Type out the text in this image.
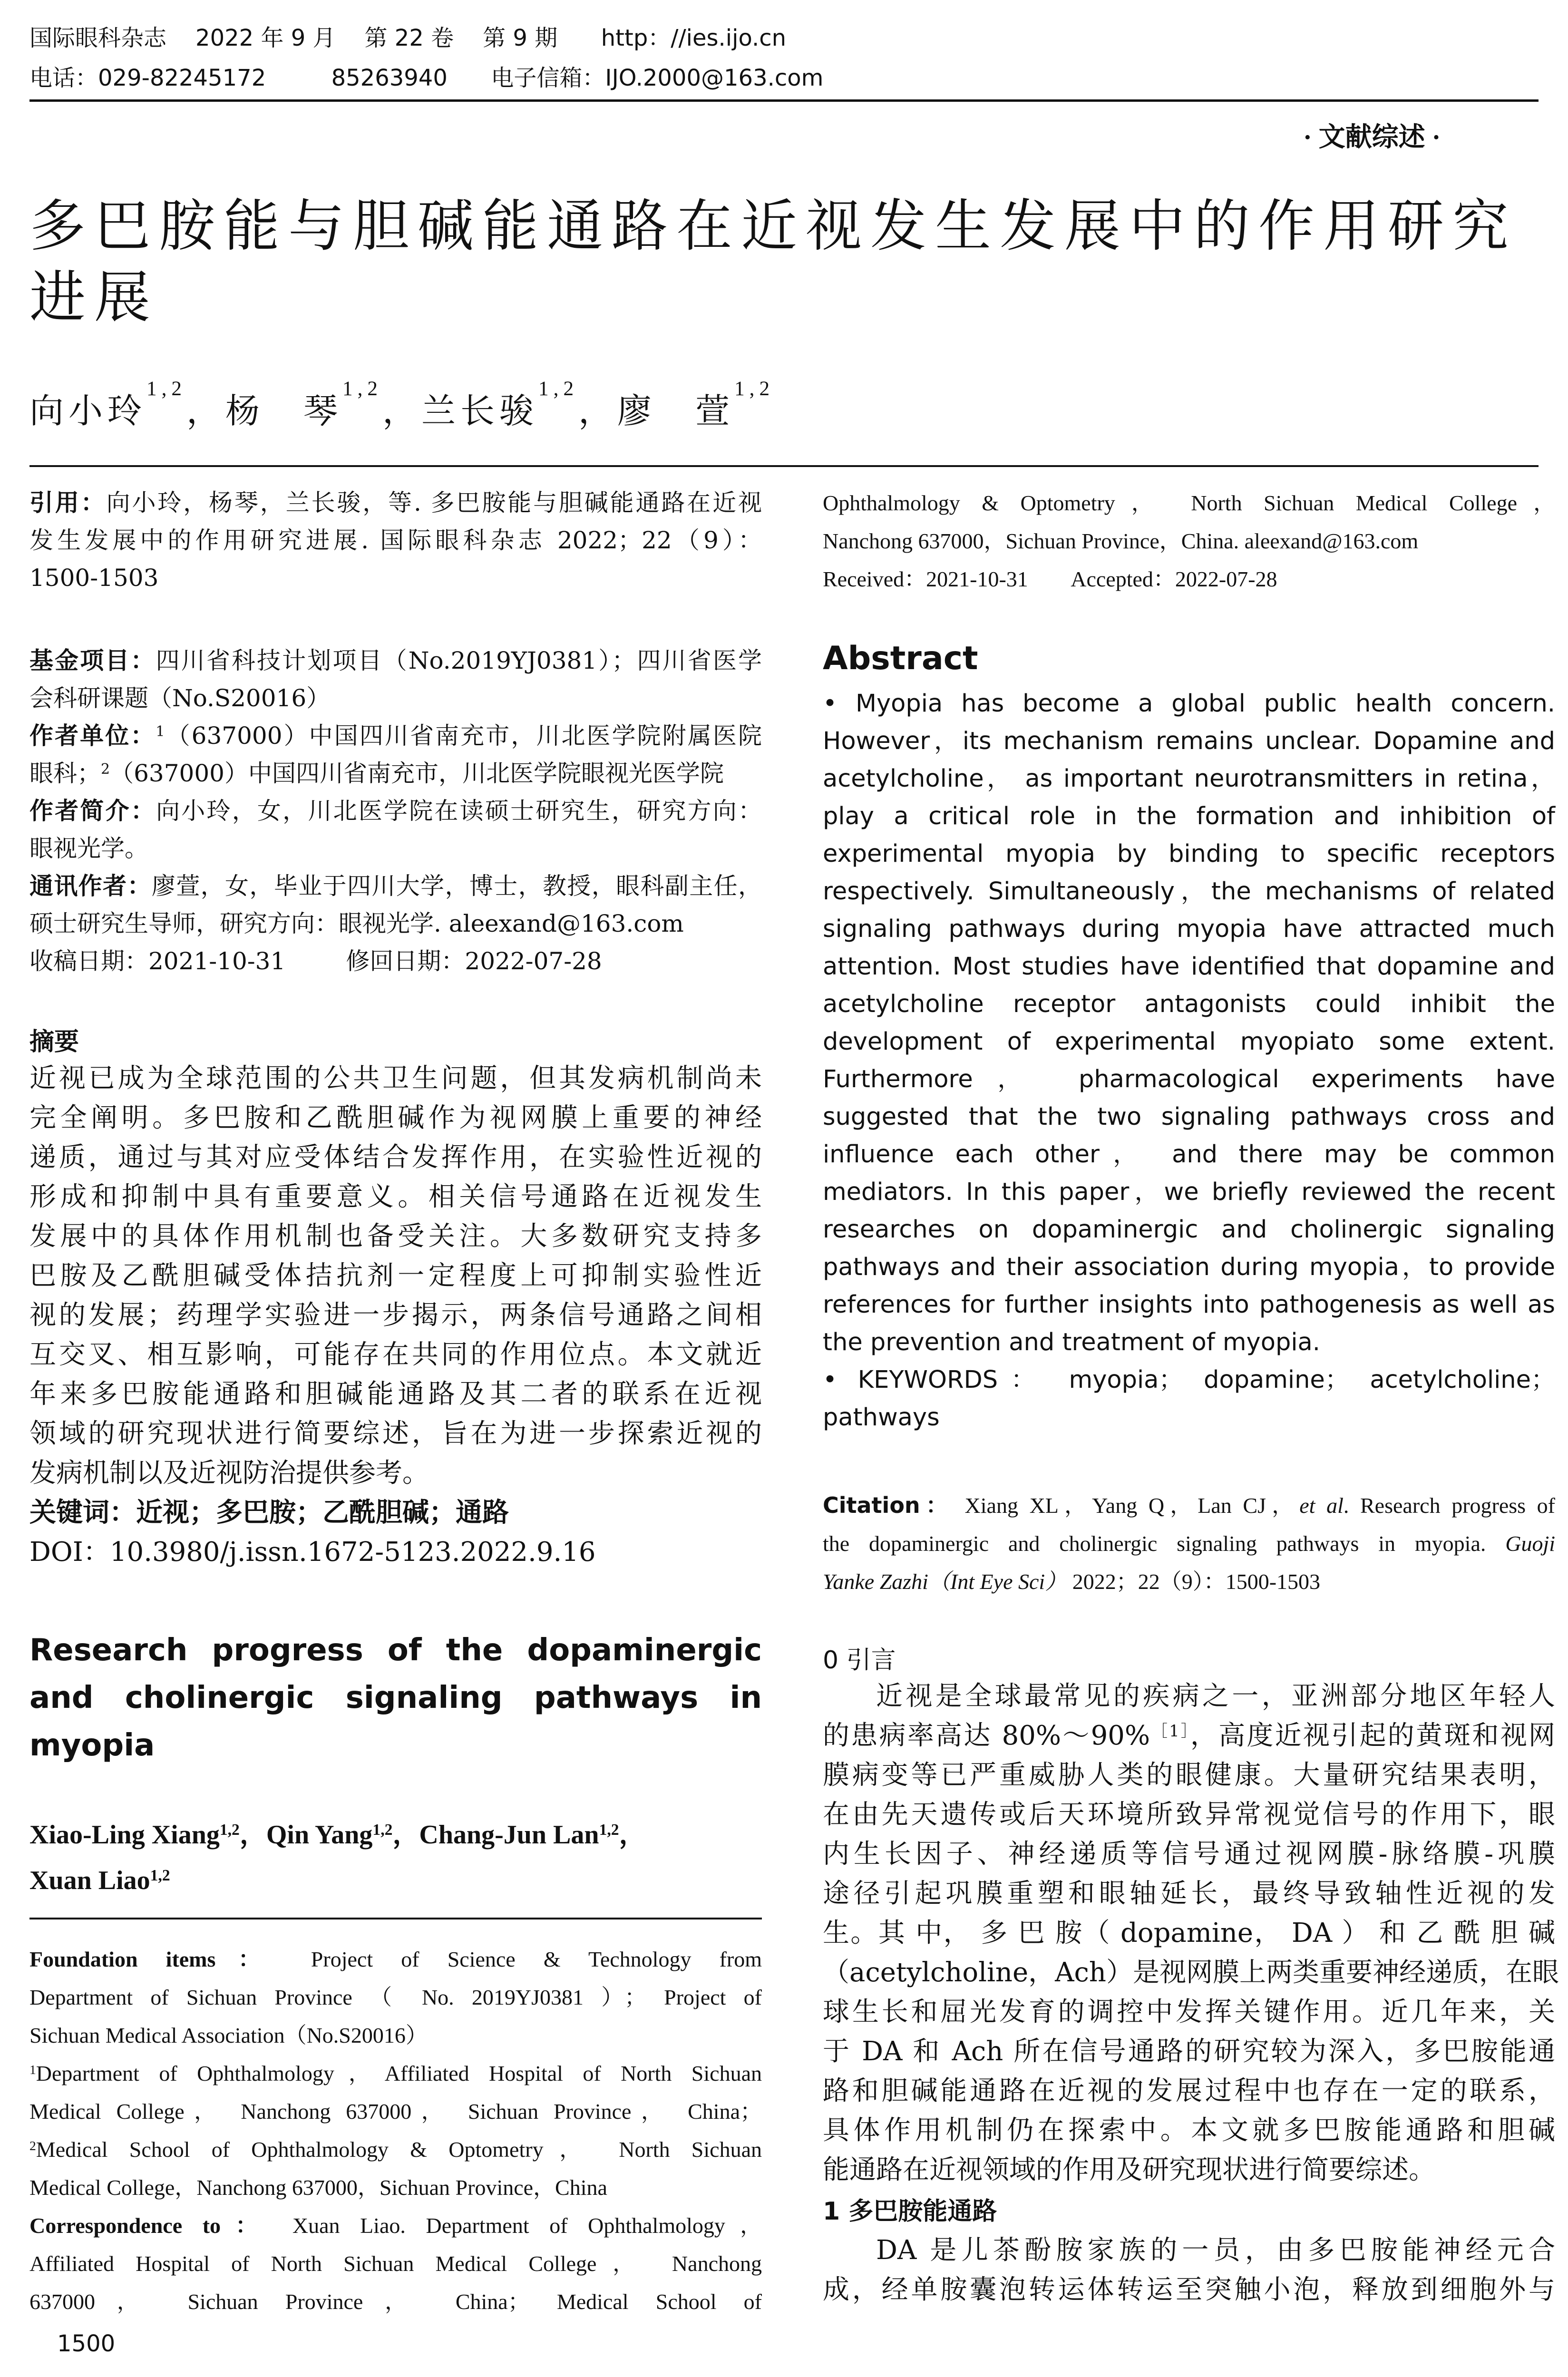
国际眼科杂志    2022 年 9 月    第 22 卷    第 9 期      http：//ies.ijo.cn
电话：029-82245172         85263940      电子信箱：IJO.2000@163.com
· 文献综述 ·
多巴胺能与胆碱能通路在近视发生发展中的作用研究
进展
向小玲$^{1,2}$，杨　琴$^{1,2}$，兰长骏$^{1,2}$，廖　萱$^{1,2}$
引用：向小玲，杨琴，兰长骏，等. 多巴胺能与胆碱能通路在近视
发生发展中的作用研究进展. 国际眼科杂志 2022；22（9）：
1500-1503
基金项目：四川省科技计划项目（No.2019YJ0381）；四川省医学
会科研课题（No.S20016）
作者单位：$^1$（637000）中国四川省南充市，川北医学院附属医院
眼科；$^2$（637000）中国四川省南充市，川北医学院眼视光医学院
作者简介：向小玲，女，川北医学院在读硕士研究生，研究方向：
眼视光学。
通讯作者：廖萱，女，毕业于四川大学，博士，教授，眼科副主任，
硕士研究生导师，研究方向：眼视光学. aleexand@163.com
收稿日期：2021-10-31        修回日期：2022-07-28
摘要
近视已成为全球范围的公共卫生问题，但其发病机制尚未
完全阐明。多巴胺和乙酰胆碱作为视网膜上重要的神经
递质，通过与其对应受体结合发挥作用，在实验性近视的
形成和抑制中具有重要意义。相关信号通路在近视发生
发展中的具体作用机制也备受关注。大多数研究支持多
巴胺及乙酰胆碱受体拮抗剂一定程度上可抑制实验性近
视的发展；药理学实验进一步揭示，两条信号通路之间相
互交叉、相互影响，可能存在共同的作用位点。本文就近
年来多巴胺能通路和胆碱能通路及其二者的联系在近视
领域的研究现状进行简要综述，旨在为进一步探索近视的
发病机制以及近视防治提供参考。
关键词：近视；多巴胺；乙酰胆碱；通路
DOI：10.3980/j.issn.1672-5123.2022.9.16
Research progress of the dopaminergic
and cholinergic signaling pathways in
myopia
Xiao-Ling Xiang$^{1,2}$，Qin Yang$^{1,2}$，Chang-Jun Lan$^{1,2}$，
Xuan Liao$^{1,2}$
Foundation items： Project of Science & Technology from
Department of Sichuan Province （ No. 2019YJ0381 ）； Project of
Sichuan Medical Association（No.S20016）
$^1$Department of Ophthalmology，Affiliated Hospital of North Sichuan
Medical College， Nanchong 637000， Sichuan Province， China；
$^2$Medical School of Ophthalmology & Optometry， North Sichuan
Medical College，Nanchong 637000，Sichuan Province，China
Correspondence to： Xuan Liao. Department of Ophthalmology，
Affiliated Hospital of North Sichuan Medical College， Nanchong
637000， Sichuan Province， China； Medical School of
1500
Ophthalmology & Optometry， North Sichuan Medical College，
Nanchong 637000，Sichuan Province，China. aleexand@163.com
Received：2021-10-31        Accepted：2022-07-28
Abstract
• Myopia has become a global public health concern.
However，its mechanism remains unclear. Dopamine and
acetylcholine， as important neurotransmitters in retina，
play a critical role in the formation and inhibition of
experimental myopia by binding to specific receptors
respectively. Simultaneously，the mechanisms of related
signaling pathways during myopia have attracted much
attention. Most studies have identified that dopamine and
acetylcholine receptor antagonists could inhibit the
development of experimental myopiato some extent.
Furthermore， pharmacological experiments have
suggested that the two signaling pathways cross and
influence each other， and there may be common
mediators. In this paper，we briefly reviewed the recent
researches on dopaminergic and cholinergic signaling
pathways and their association during myopia，to provide
references for further insights into pathogenesis as well as
the prevention and treatment of myopia.
• KEYWORDS： myopia； dopamine； acetylcholine；
pathways
Citation： Xiang XL，Yang Q，Lan CJ，et al. Research progress of
the dopaminergic and cholinergic signaling pathways in myopia. Guoji
Yanke Zazhi（Int Eye Sci） 2022；22（9）：1500-1503
0 引言
近视是全球最常见的疾病之一，亚洲部分地区年轻人
的患病率高达 80%～90%$^{[1]}$，高度近视引起的黄斑和视网
膜病变等已严重威胁人类的眼健康。大量研究结果表明，
在由先天遗传或后天环境所致异常视觉信号的作用下，眼
内生长因子、神经递质等信号通过视网膜-脉络膜-巩膜
途径引起巩膜重塑和眼轴延长，最终导致轴性近视的发
生。其 中， 多 巴 胺（ dopamine， DA ） 和 乙 酰 胆 碱
（acetylcholine，Ach）是视网膜上两类重要神经递质，在眼
球生长和屈光发育的调控中发挥关键作用。近几年来，关
于 DA 和 Ach 所在信号通路的研究较为深入，多巴胺能通
路和胆碱能通路在近视的发展过程中也存在一定的联系，
具体作用机制仍在探索中。本文就多巴胺能通路和胆碱
能通路在近视领域的作用及研究现状进行简要综述。
1 多巴胺能通路
DA 是儿茶酚胺家族的一员，由多巴胺能神经元合
成，经单胺囊泡转运体转运至突触小泡，释放到细胞外与
